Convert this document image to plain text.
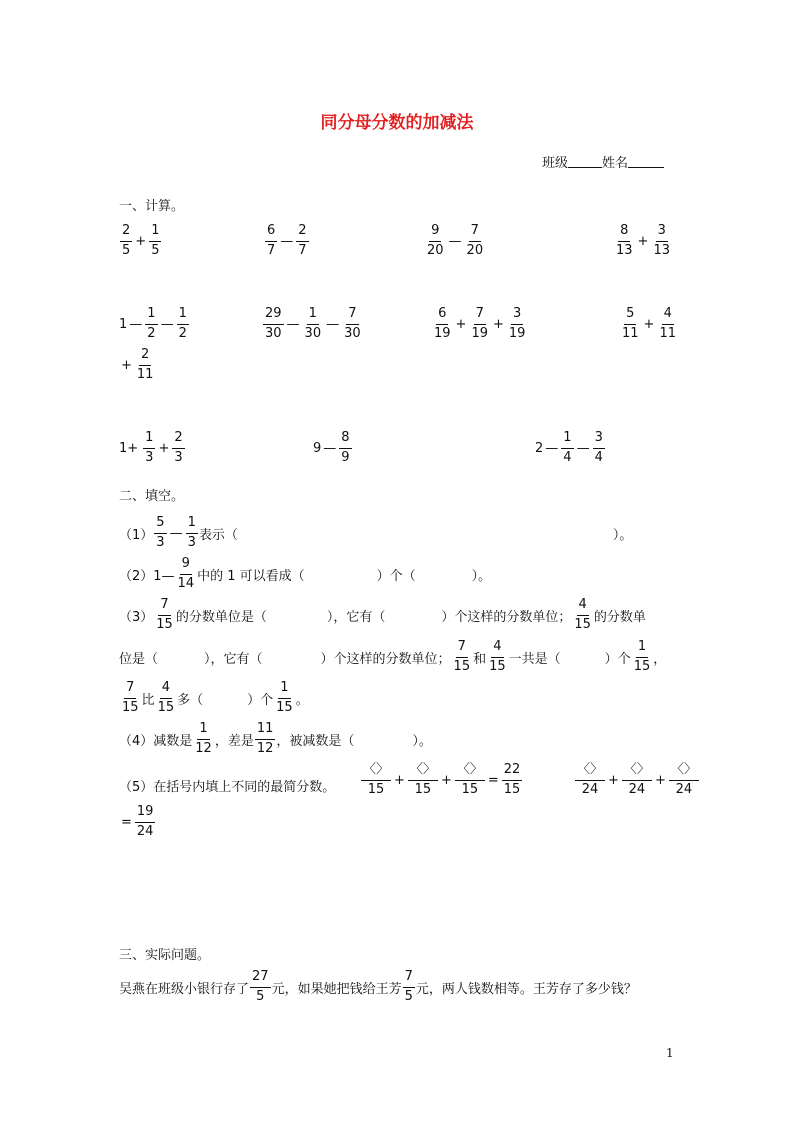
同分母分数的加减法
班级	姓名
一、计算。
$\frac{2}{5} + \frac{1}{5}$	$\frac{6}{7}$ — $\frac{2}{7}$	$\frac{9}{20}$ — $\frac{7}{20}$	$\frac{8}{13} + \frac{3}{13}$
1 — $\frac{1}{2}$ — $\frac{1}{2}$	$\frac{29}{30}$ — $\frac{1}{30}$ — $\frac{7}{30}$	$\frac{6}{19} + \frac{7}{19} + \frac{3}{19}$	$\frac{5}{11} + \frac{4}{11}$
+ $\frac{2}{11}$
$1+ \frac{1}{3} + \frac{2}{3}$	9 — $\frac{8}{9}$	2 — $\frac{1}{4}$ — $\frac{3}{4}$
二、填空。
$(1) \frac{5}{3}$ — $\frac{1}{3}$ 表示（	）。
（2）1— $\frac{9}{14}$ 中的 1 可以看成（	）个（	）。
$(3) \frac{7}{15}$ 的分数单位是（	），它有（	）个这样的分数单位； $\frac{4}{15}$ 的分数单
位是（	），它有（	）个这样的分数单位； $\frac{7}{15}$ 和 $\frac{4}{15}$ 一共是（	）个 $\frac{1}{15}$ ，
$\frac{7}{15}$ 比 $\frac{4}{15}$ 多（	）个 $\frac{1}{15}$ 。
（4）减数是 $\frac{1}{12}$ ，差是 $\frac{11}{12}$ ，被减数是（	）。
（5）在括号内填上不同的最简分数。 $\frac{〈〉}{15} + \frac{〈〉}{15} + \frac{〈〉}{15} = \frac{22}{15}$	$\frac{〈〉}{24} + \frac{〈〉}{24} + \frac{〈〉}{24}$
= $\frac{19}{24}$
三、实际问题。
吴燕在班级小银行存了 $\frac{27}{5}$ 元，如果她把钱给王芳 $\frac{7}{5}$ 元，两人钱数相等。王芳存了多少钱？
1
